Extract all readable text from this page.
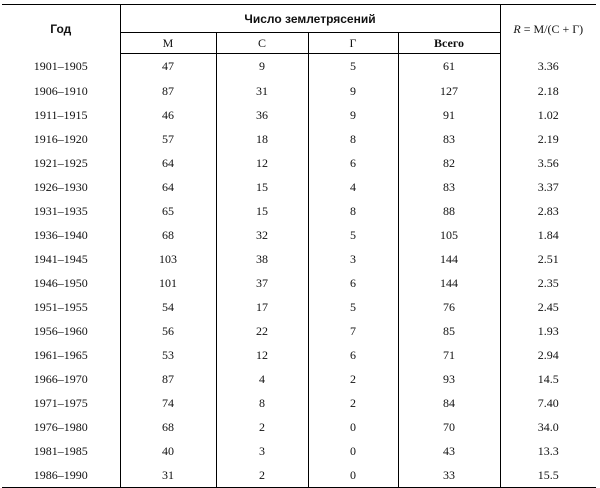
Год	Число землетрясений				R = М/(С + Г)
	М	С	Г	Всего	
1901–1905	47	9	5	61	3.36
1906–1910	87	31	9	127	2.18
1911–1915	46	36	9	91	1.02
1916–1920	57	18	8	83	2.19
1921–1925	64	12	6	82	3.56
1926–1930	64	15	4	83	3.37
1931–1935	65	15	8	88	2.83
1936–1940	68	32	5	105	1.84
1941–1945	103	38	3	144	2.51
1946–1950	101	37	6	144	2.35
1951–1955	54	17	5	76	2.45
1956–1960	56	22	7	85	1.93
1961–1965	53	12	6	71	2.94
1966–1970	87	4	2	93	14.5
1971–1975	74	8	2	84	7.40
1976–1980	68	2	0	70	34.0
1981–1985	40	3	0	43	13.3
1986–1990	31	2	0	33	15.5
